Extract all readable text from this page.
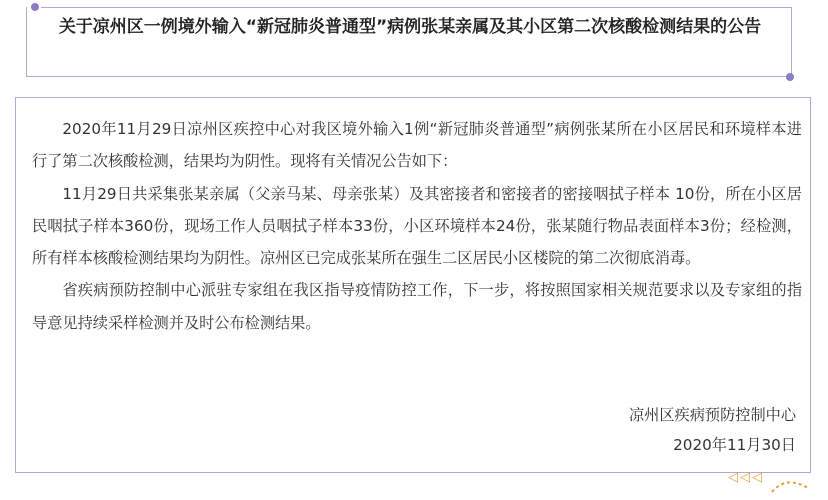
关于凉州区一例境外输入“新冠肺炎普通型”病例张某亲属及其小区第二次核酸检测结果的公告

2020年11月29日凉州区疾控中心对我区境外输入1例“新冠肺炎普通型”病例张某所在小区居民和环境样本进行了第二次核酸检测，结果均为阴性。现将有关情况公告如下：

11月29日共采集张某亲属（父亲马某、母亲张某）及其密接者和密接者的密接咽拭子样本 10份，所在小区居民咽拭子样本360份，现场工作人员咽拭子样本33份，小区环境样本24份，张某随行物品表面样本3份；经检测，所有样本核酸检测结果均为阴性。凉州区已完成张某所在强生二区居民小区楼院的第二次彻底消毒。

省疾病预防控制中心派驻专家组在我区指导疫情防控工作，下一步，将按照国家相关规范要求以及专家组的指导意见持续采样检测并及时公布检测结果。

凉州区疾病预防控制中心
2020年11月30日
◁ ◁ ◁
